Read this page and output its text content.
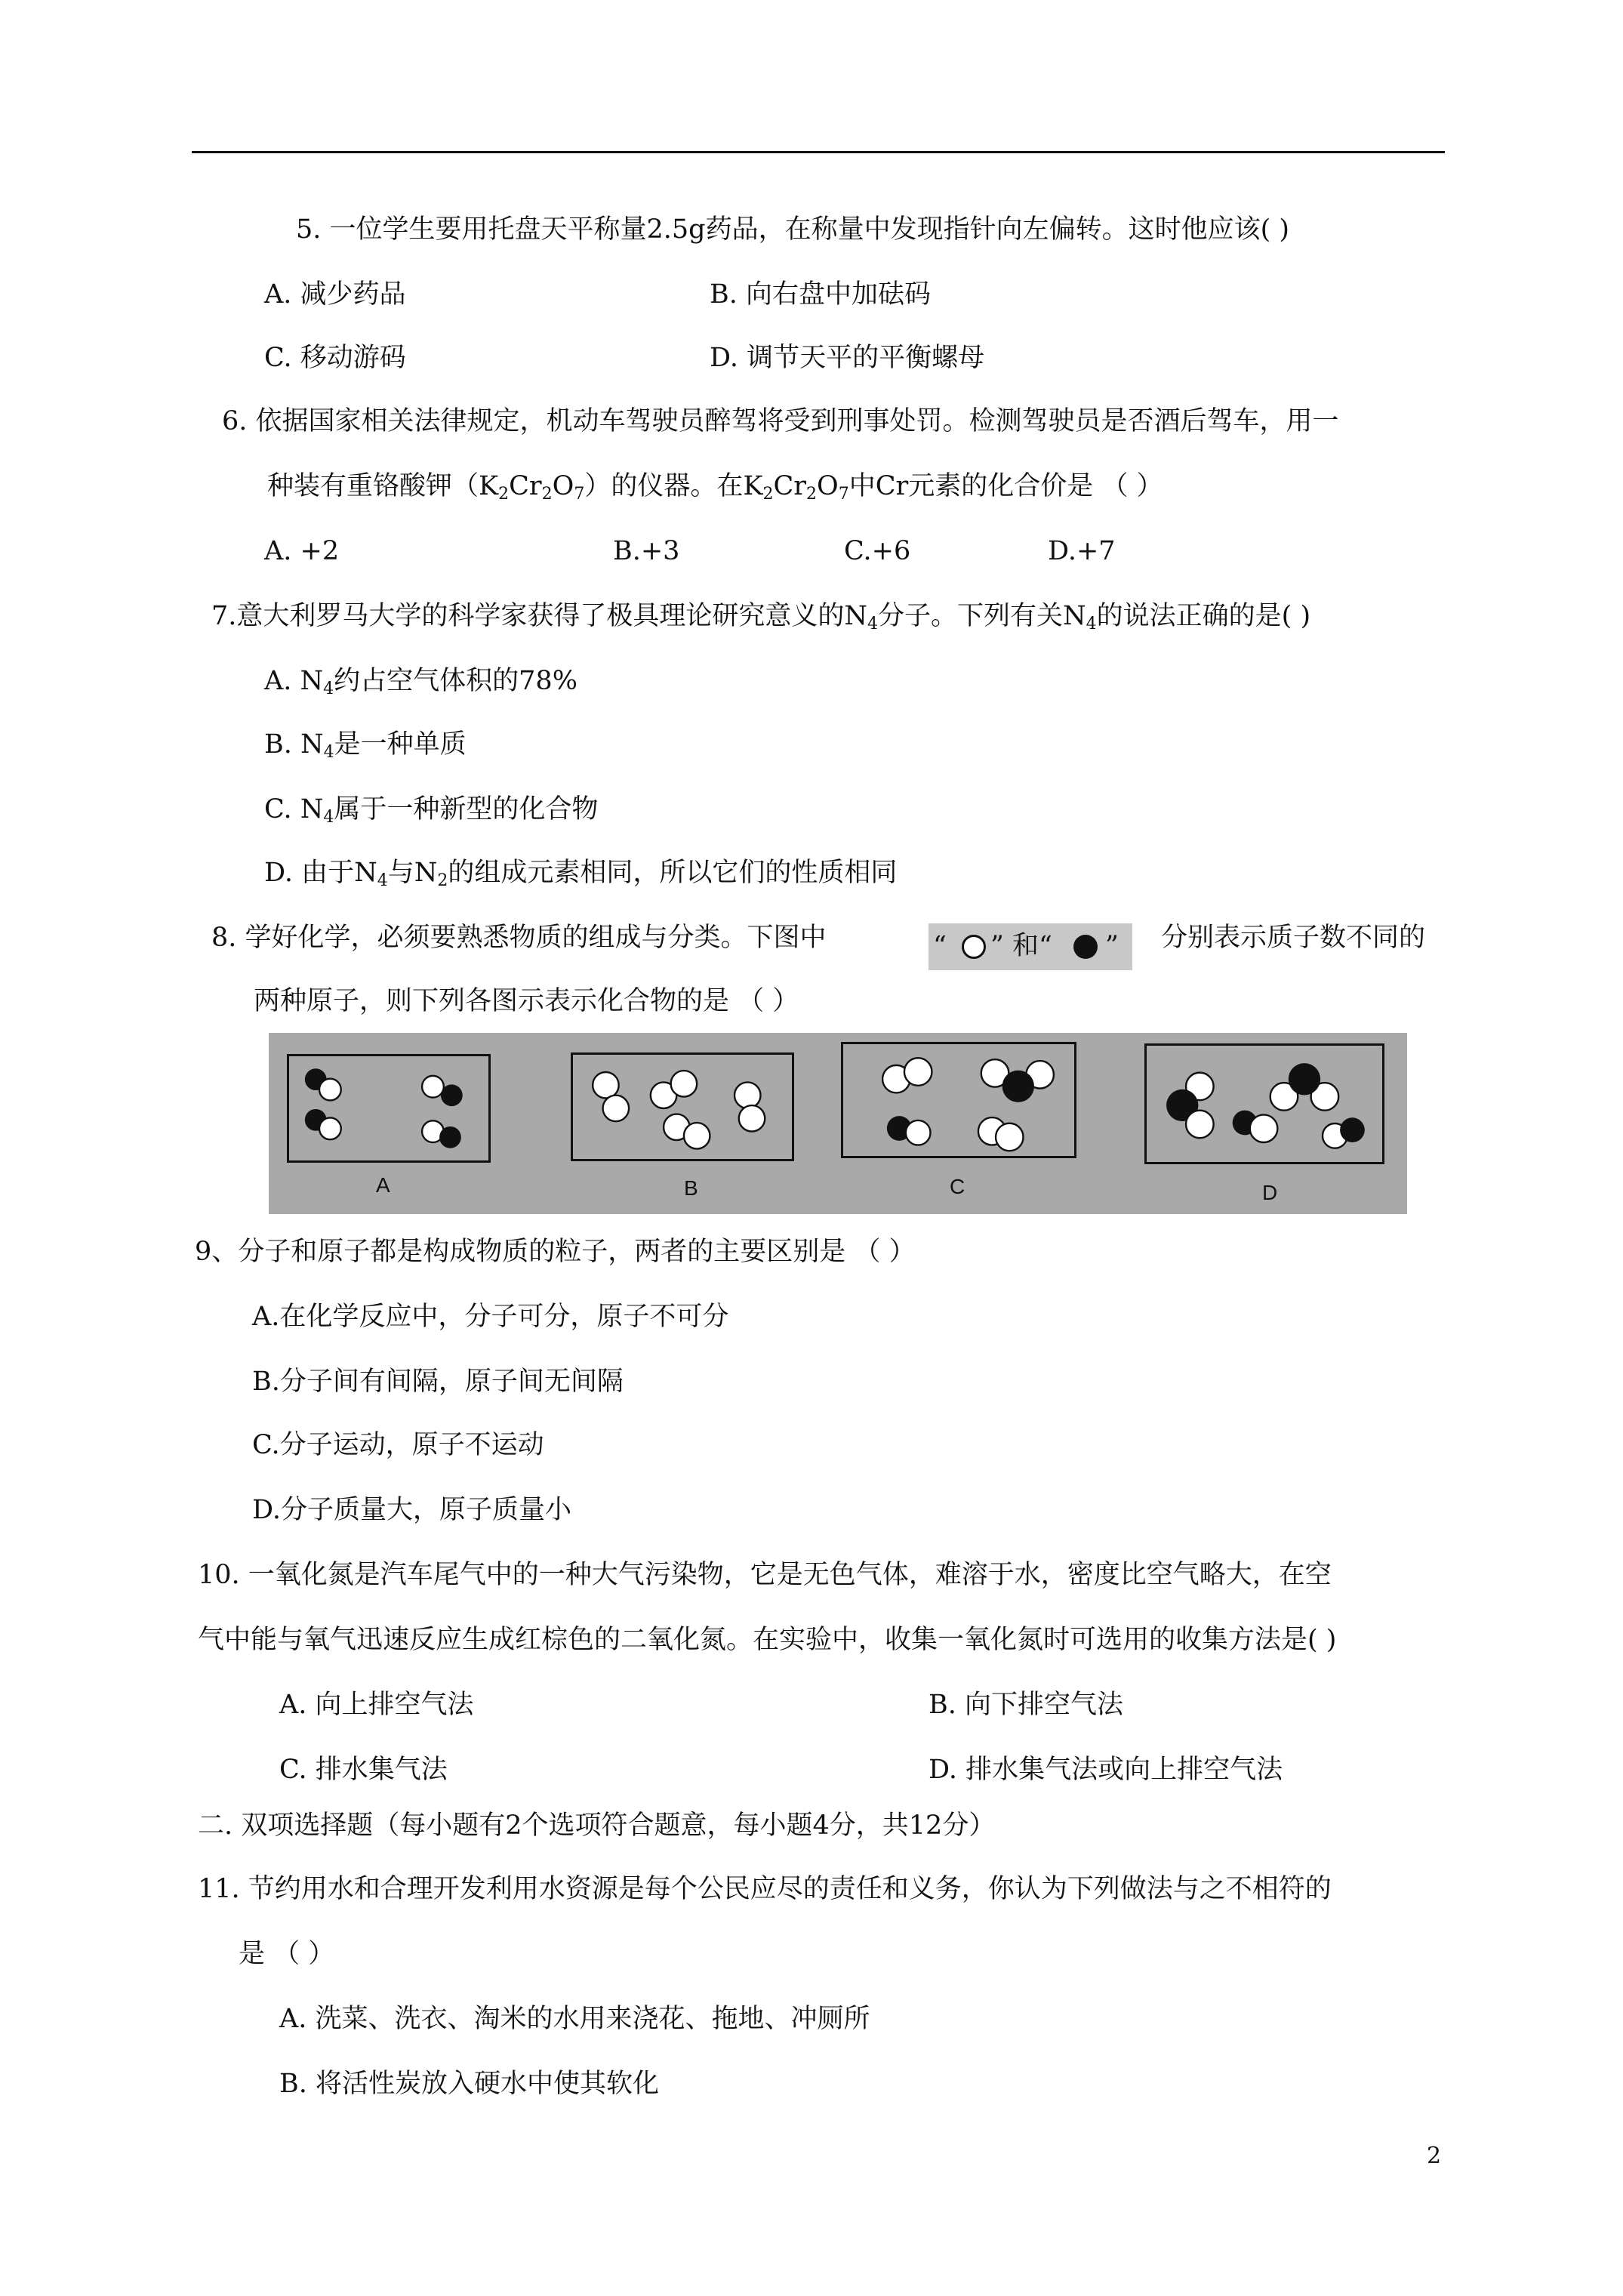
5. 一位学生要用托盘天平称量2.5g药品，在称量中发现指针向左偏转。这时他应该( )
A. 减少药品	B. 向右盘中加砝码
C. 移动游码	D. 调节天平的平衡螺母
6. 依据国家相关法律规定，机动车驾驶员醉驾将受到刑事处罚。检测驾驶员是否酒后驾车，用一
种装有重铬酸钾$(K_2Cr_2O_7)$的仪器。在$K_2Cr_2O_7$中Cr元素的化合价是 （ ）
A. +2	B.+3	C.+6	D.+7
7.意大利罗马大学的科学家获得了极具理论研究意义的$N_4$分子。下列有关$N_4$的说法正确的是( )
A. $N_4$约占空气体积的78%
B. $N_4$是一种单质
C. $N_4$属于一种新型的化合物
D. 由于$N_4$与$N_2$的组成元素相同，所以它们的性质相同
8. 学好化学，必须要熟悉物质的组成与分类。下图中	“ ” 和“ ” 分别表示质子数不同的
两种原子，则下列各图示表示化合物的是 （ ）
A	B	C	D
9、分子和原子都是构成物质的粒子，两者的主要区别是 （ ）
A.在化学反应中，分子可分，原子不可分
B.分子间有间隔，原子间无间隔
C.分子运动，原子不运动
D.分子质量大，原子质量小
10. 一氧化氮是汽车尾气中的一种大气污染物，它是无色气体，难溶于水，密度比空气略大，在空
气中能与氧气迅速反应生成红棕色的二氧化氮。在实验中，收集一氧化氮时可选用的收集方法是( )
A. 向上排空气法	B. 向下排空气法
C. 排水集气法	D. 排水集气法或向上排空气法
二. 双项选择题（每小题有2个选项符合题意，每小题4分，共12分）
11. 节约用水和合理开发利用水资源是每个公民应尽的责任和义务，你认为下列做法与之不相符的
是 （ ）
A. 洗菜、洗衣、淘米的水用来浇花、拖地、冲厕所
B. 将活性炭放入硬水中使其软化
2
